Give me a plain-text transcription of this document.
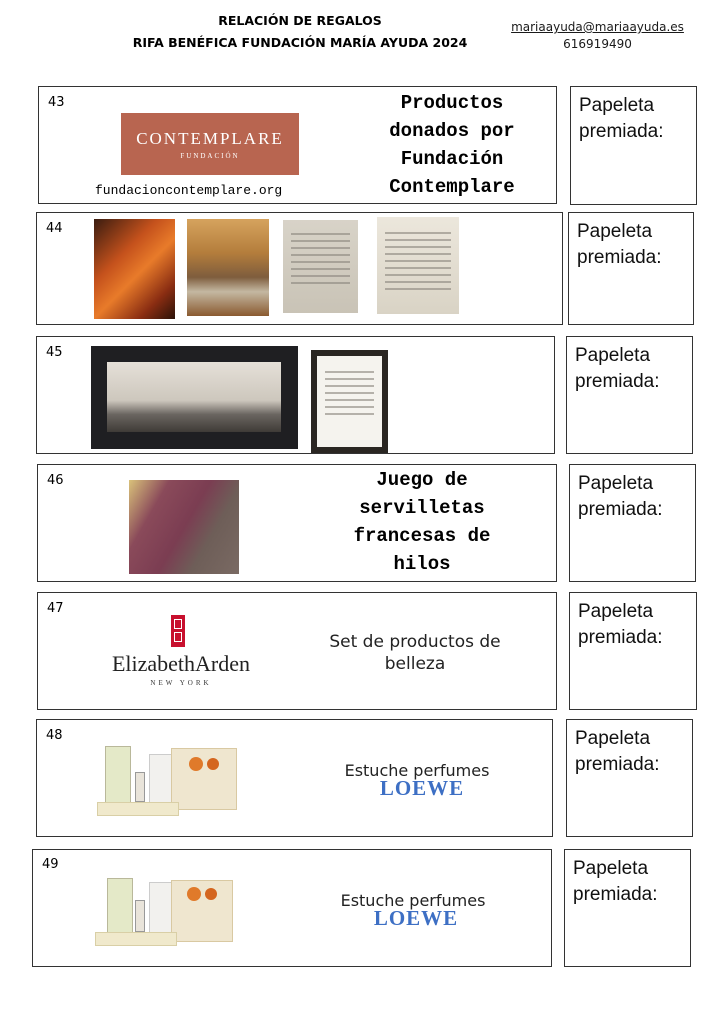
RELACIÓN DE REGALOS
RIFA BENÉFICA FUNDACIÓN MARÍA AYUDA 2024
mariaayuda@mariaayuda.es
616919490
43
CONTEMPLARE
FUNDACIÓN
fundacioncontemplare.org
Productos
donados por
Fundación
Contemplare
Papeleta
premiada:
44	Papeleta
premiada:
45	Papeleta
premiada:
46	Juego de
servilletas
francesas de
hilos
Papeleta
premiada:
47
ElizabethArden
NEW YORK
Set de productos de
belleza
Papeleta
premiada:
48

Estuche perfumes
LOEWE
Papeleta
premiada:
49

Estuche perfumes
LOEWE
Papeleta
premiada:
